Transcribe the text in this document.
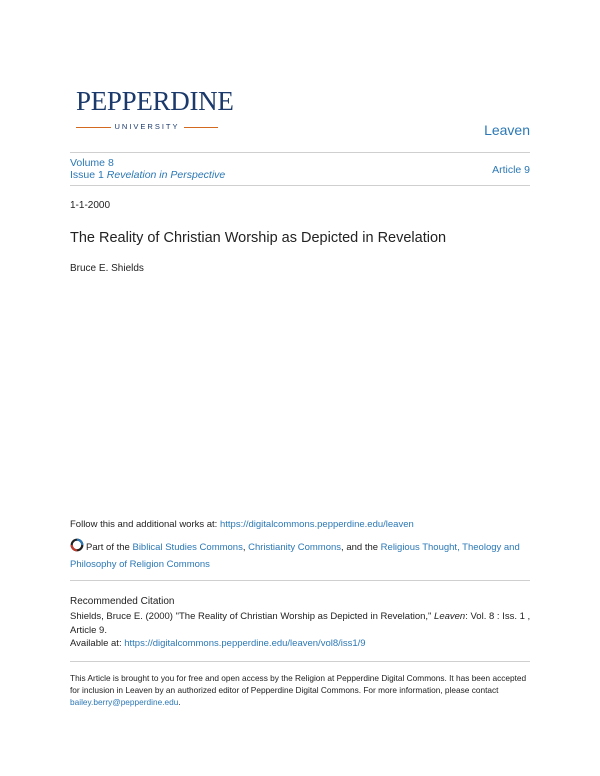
PEPPERDINE
UNIVERSITY	Leaven
Volume 8
Issue 1 Revelation in Perspective	Article 9
1-1-2000
The Reality of Christian Worship as Depicted in Revelation
Bruce E. Shields
Follow this and additional works at: https://digitalcommons.pepperdine.edu/leaven
Part of the Biblical Studies Commons, Christianity Commons, and the Religious Thought, Theology and Philosophy of Religion Commons
Recommended Citation
Shields, Bruce E. (2000) "The Reality of Christian Worship as Depicted in Revelation," Leaven: Vol. 8 : Iss. 1 , Article 9.
Available at: https://digitalcommons.pepperdine.edu/leaven/vol8/iss1/9
This Article is brought to you for free and open access by the Religion at Pepperdine Digital Commons. It has been accepted for inclusion in Leaven by an authorized editor of Pepperdine Digital Commons. For more information, please contact bailey.berry@pepperdine.edu.
